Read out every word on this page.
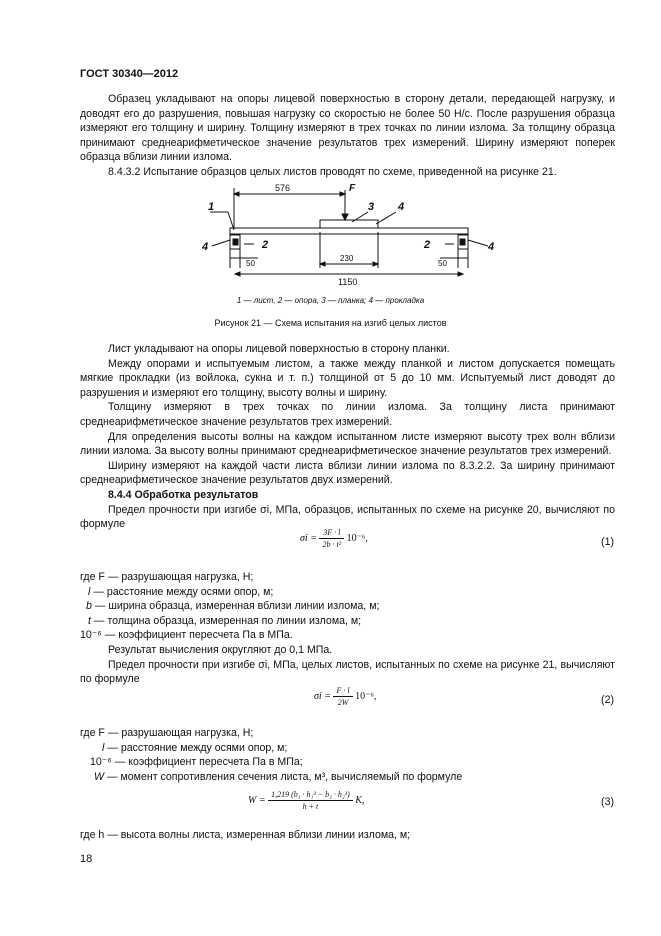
ГОСТ 30340—2012

Образец укладывают на опоры лицевой поверхностью в сторону детали, передающей нагрузку, и доводят его до разрушения, повышая нагрузку со скоростью не более 50 Н/с. После разрушения образца измеряют его толщину и ширину. Толщину измеряют в трех точках по линии излома. За толщину образца принимают среднеарифметическое значение результатов трех измерений. Ширину измеряют поперек образца вблизи линии излома.

8.4.3.2 Испытание образцов целых листов проводят по схеме, приведенной на рисунке 21.

576	F
1	3 4
4	2	2	4
50	50
230
1150
1 — лист, 2 — опора, 3 — планка; 4 — прокладка
Рисунок 21 — Схема испытания на изгиб целых листов

Лист укладывают на опоры лицевой поверхностью в сторону планки.

Между опорами и испытуемым листом, а также между планкой и листом допускается помещать мягкие прокладки (из войлока, сукна и т. п.) толщиной от 5 до 10 мм. Испытуемый лист доводят до разрушения и измеряют его толщину, высоту волны и ширину.

Толщину измеряют в трех точках по линии излома. За толщину листа принимают среднеарифметическое значение результатов трех измерений.

Для определения высоты волны на каждом испытанном листе измеряют высоту трех волн вблизи линии излома. За высоту волны принимают среднеарифметическое значение результатов трех измерений.

Ширину измеряют на каждой части листа вблизи линии излома по 8.3.2.2. За ширину принимают среднеарифметическое значение результатов двух измерений.

8.4.4 Обработка результатов

Предел прочности при изгибе σi, МПа, образцов, испытанных по схеме на рисунке 20, вычисляют по формуле

$\sigma i = \frac{3F \cdot l}{\text{2b · t²}} 10^{-6}$,	(1)
где F — разрушающая нагрузка, Н;
l — расстояние между осями опор, м;
b — ширина образца, измеренная вблизи линии излома, м;
t — толщина образца, измеренная по линии излома, м;
10⁻⁶ — коэффициент пересчета Па в МПа.

Результат вычисления округляют до 0,1 МПа.

Предел прочности при изгибе σi, МПа, целых листов, испытанных по схеме на рисунке 21, вычисляют по формуле

$\sigma i = \frac{F \cdot l}{2W} 10^{-6}$,	(2)
где F — разрушающая нагрузка, Н;
l — расстояние между осями опор, м;
10⁻⁶ — коэффициент пересчета Па в МПа;
W — момент сопротивления сечения листа, м³, вычисляемый по формуле
$W = \frac{\text{1,219 (b₁ · h₁³ − b₂ · h₂³)}}{h + t} K$,	(3)
где h — высота волны листа, измеренная вблизи линии излома, м;
18
